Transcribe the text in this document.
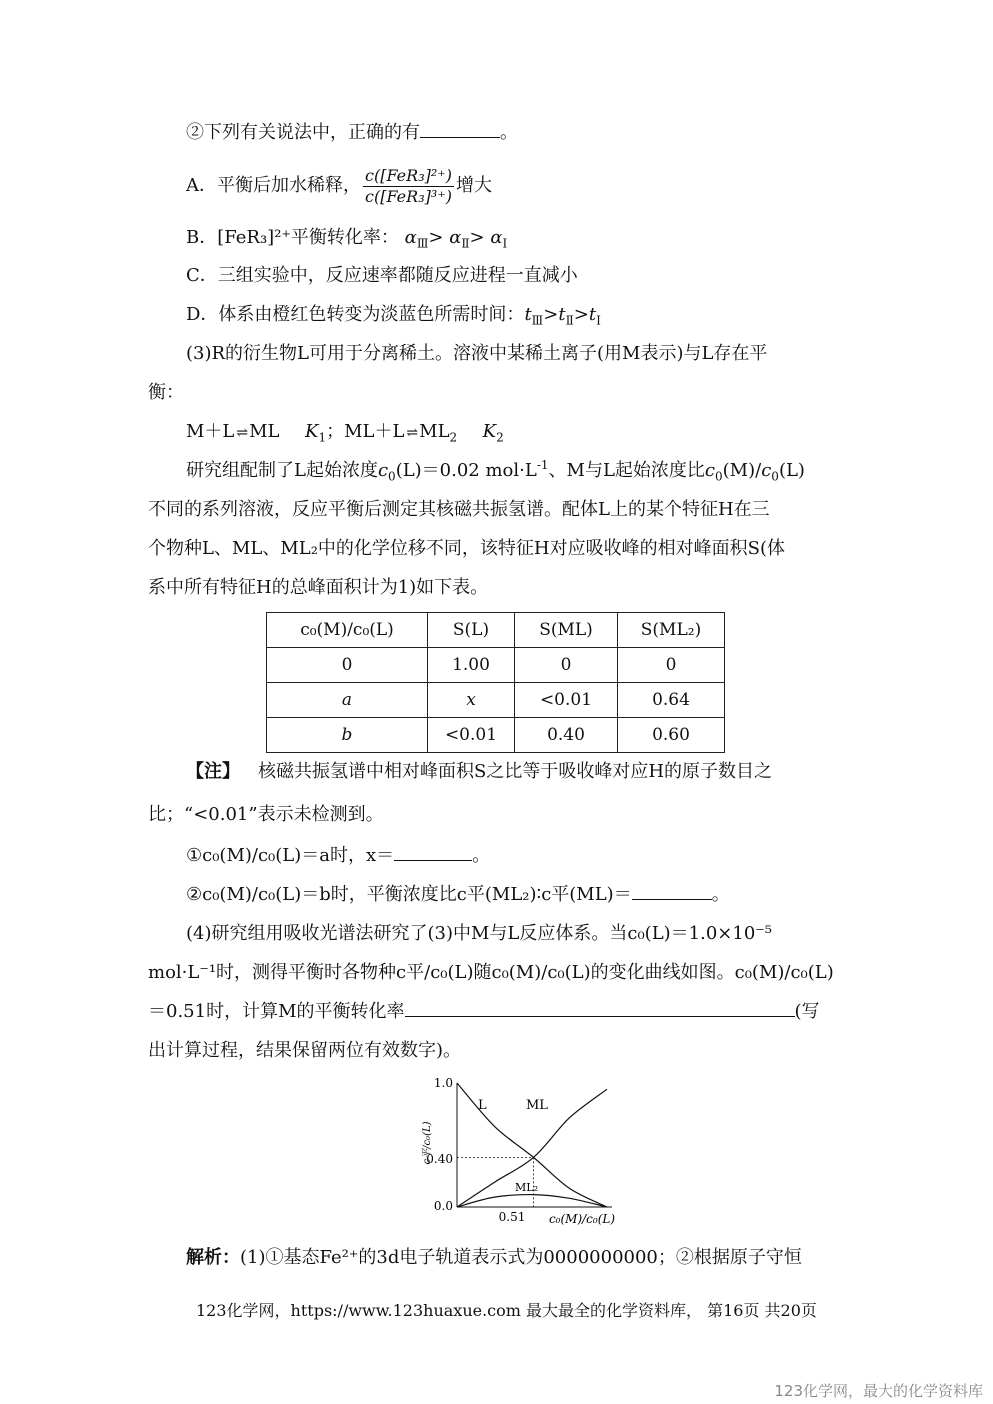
②下列有关说法中，正确的有	。
A．平衡后加水稀释， $\frac{\text{c([FeR₃]²⁺)}}{\text{c([FeR₃]³⁺)}}$ 增大
B．[FeR₃]²⁺平衡转化率： $\alpha_Ⅲ> \alpha_Ⅱ> \alpha_Ⅰ$
C．三组实验中，反应速率都随反应进程一直减小
D．体系由橙红色转变为淡蓝色所需时间：$t_Ⅲ>t_Ⅱ>t_Ⅰ$
(3)R的衍生物L可用于分离稀土。溶液中某稀土离子(用M表示)与L存在平
衡：
M＋L ⇌ ML $K_1$；ML＋L ⇌ $ML_2$ $K_2$
研究组配制了L起始浓度$c_0(L)=0.02$ $mol\cdot L^{-1}$、M与L起始浓度比$c_0(M)/c_0(L)$
不同的系列溶液，反应平衡后测定其核磁共振氢谱。配体L上的某个特征H在三
个物种L、ML、ML₂中的化学位移不同，该特征H对应吸收峰的相对峰面积S(体
系中所有特征H的总峰面积计为1)如下表。
c₀(M)/c₀(L)	S(L)	S(ML)	S(ML₂)
0	1.00	0	0
a	x	<0.01	0.64
b	<0.01	0.40	0.60
【注】 核磁共振氢谱中相对峰面积S之比等于吸收峰对应H的原子数目之
比；“<0.01”表示未检测到。
①c₀(M)/c₀(L)＝a时，x＝	。
②c₀(M)/c₀(L)＝b时，平衡浓度比c平(ML₂)∶c平(ML)＝	。
(4)研究组用吸收光谱法研究了(3)中M与L反应体系。当c₀(L)＝1.0×10⁻⁵
mol·L⁻¹时，测得平衡时各物种c平/c₀(L)随c₀(M)/c₀(L)的变化曲线如图。c₀(M)/c₀(L)
＝0.51时，计算M的平衡转化率	(写
出计算过程，结果保留两位有效数字)。
1.0
0.40
0.0
0.51 c₀(M)/c₀(L)
c平/c₀(L)
L	ML
ML₂
解析：(1)①基态Fe²⁺的3d电子轨道表示式为0000000000；②根据原子守恒
123化学网，https://www.123huaxue.com 最大最全的化学资料库， 第16页 共20页
123化学网，最大的化学资料库
